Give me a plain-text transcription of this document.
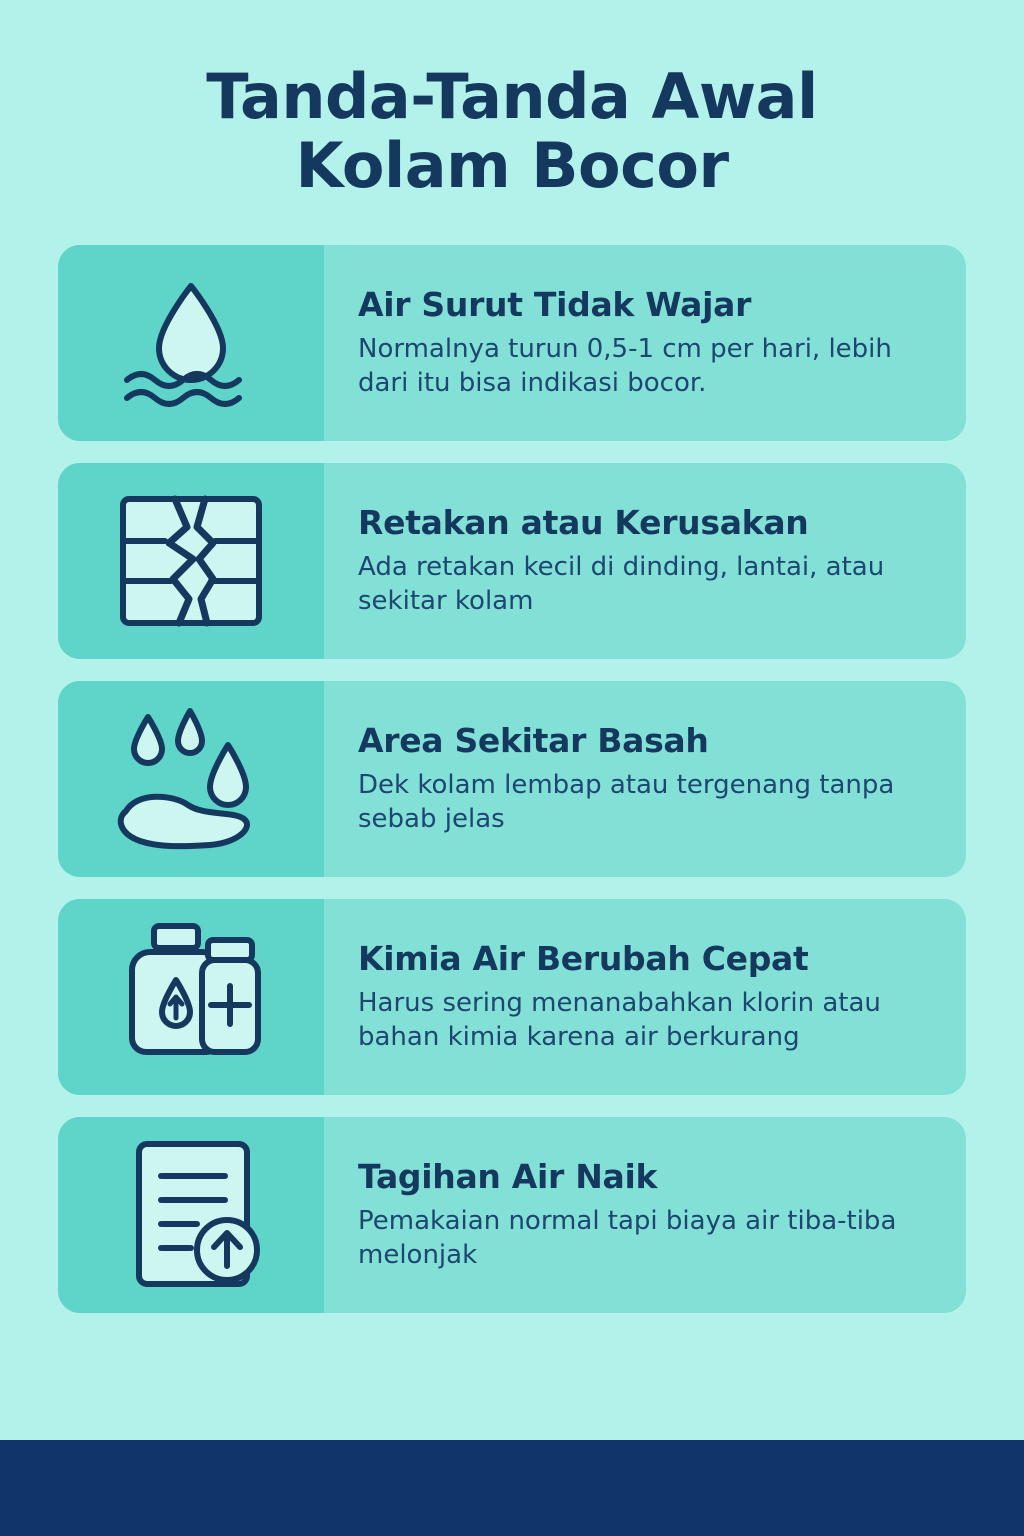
Tanda-Tanda Awal
Kolam Bocor
Air Surut Tidak Wajar
Normalnya turun 0,5-1 cm per hari, lebih dari itu bisa indikasi bocor.
Retakan atau Kerusakan
Ada retakan kecil di dinding, lantai, atau sekitar kolam
Area Sekitar Basah
Dek kolam lembap atau tergenang tanpa sebab jelas
Kimia Air Berubah Cepat
Harus sering menanabahkan klorin atau bahan kimia karena air berkurang
Tagihan Air Naik
Pemakaian normal tapi biaya air tiba-tiba melonjak
